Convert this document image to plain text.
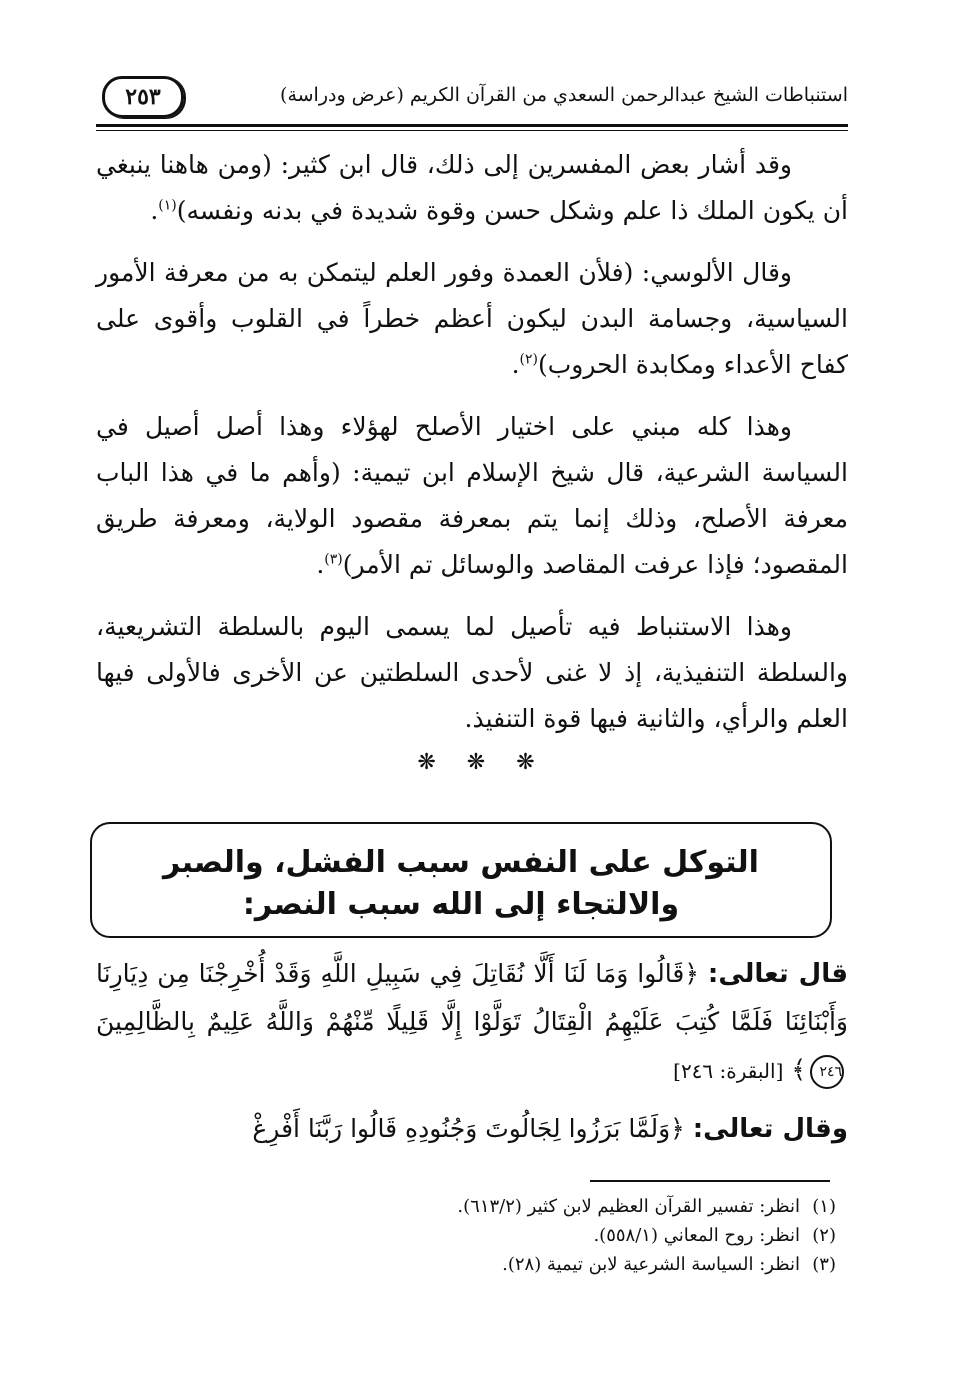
استنباطات الشيخ عبدالرحمن السعدي من القرآن الكريم (عرض ودراسة)
٢٥٣

وقد أشار بعض المفسرين إلى ذلك، قال ابن كثير: (ومن هاهنا ينبغي أن يكون الملك ذا علم وشكل حسن وقوة شديدة في بدنه ونفسه)$^{(١)}$.

وقال الألوسي: (فلأن العمدة وفور العلم ليتمكن به من معرفة الأمور السياسية، وجسامة البدن ليكون أعظم خطراً في القلوب وأقوى على كفاح الأعداء ومكابدة الحروب)$^{(٢)}$.

وهذا كله مبني على اختيار الأصلح لهؤلاء وهذا أصل أصيل في السياسة الشرعية، قال شيخ الإسلام ابن تيمية: (وأهم ما في هذا الباب معرفة الأصلح، وذلك إنما يتم بمعرفة مقصود الولاية، ومعرفة طريق المقصود؛ فإذا عرفت المقاصد والوسائل تم الأمر)$^{(٣)}$.

وهذا الاستنباط فيه تأصيل لما يسمى اليوم بالسلطة التشريعية، والسلطة التنفيذية، إذ لا غنى لأحدى السلطتين عن الأخرى فالأولى فيها العلم والرأي، والثانية فيها قوة التنفيذ.

❋ ❋ ❋

التوكل على النفس سبب الفشل، والصبر

والالتجاء إلى الله سبب النصر:

قال تعالى: ﴿قَالُوا وَمَا لَنَا أَلَّا نُقَاتِلَ فِي سَبِيلِ اللَّهِ وَقَدْ أُخْرِجْنَا مِن دِيَارِنَا وَأَبْنَائِنَا فَلَمَّا كُتِبَ عَلَيْهِمُ الْقِتَالُ تَوَلَّوْا إِلَّا قَلِيلًا مِّنْهُمْ وَاللَّهُ عَلِيمٌ بِالظَّالِمِينَ ٢٤٦﴾ [البقرة: ٢٤٦]

وقال تعالى: ﴿وَلَمَّا بَرَزُوا لِجَالُوتَ وَجُنُودِهِ قَالُوا رَبَّنَا أَفْرِغْ

(١)انظر: تفسير القرآن العظيم لابن كثير (٦١٣/٢).

(٢)انظر: روح المعاني (٥٥٨/١).

(٣)انظر: السياسة الشرعية لابن تيمية (٢٨).
